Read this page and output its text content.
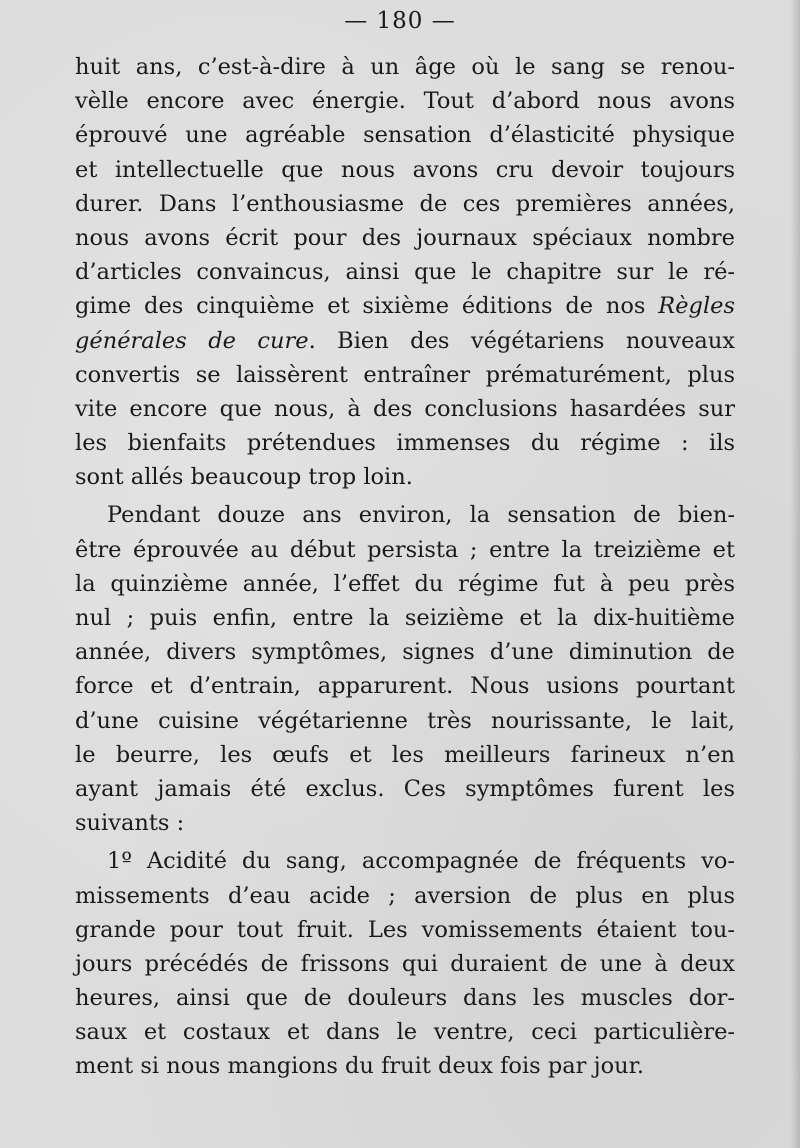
— 180 —
huit ans, c’est-à-dire à un âge où le sang se renou-
vèlle encore avec énergie. Tout d’abord nous avons
éprouvé une agréable sensation d’élasticité physique
et intellectuelle que nous avons cru devoir toujours
durer. Dans l’enthousiasme de ces premières années,
nous avons écrit pour des journaux spéciaux nombre
d’articles convaincus, ainsi que le chapitre sur le ré-
gime des cinquième et sixième éditions de nos Règles
générales de cure. Bien des végétariens nouveaux
convertis se laissèrent entraîner prématurément, plus
vite encore que nous, à des conclusions hasardées sur
les bienfaits prétendues immenses du régime : ils
sont allés beaucoup trop loin.
Pendant douze ans environ, la sensation de bien-
être éprouvée au début persista ; entre la treizième et
la quinzième année, l’effet du régime fut à peu près
nul ; puis enfin, entre la seizième et la dix-huitième
année, divers symptômes, signes d’une diminution de
force et d’entrain, apparurent. Nous usions pourtant
d’une cuisine végétarienne très nourissante, le lait,
le beurre, les œufs et les meilleurs farineux n’en
ayant jamais été exclus. Ces symptômes furent les
suivants :
1º Acidité du sang, accompagnée de fréquents vo-
missements d’eau acide ; aversion de plus en plus
grande pour tout fruit. Les vomissements étaient tou-
jours précédés de frissons qui duraient de une à deux
heures, ainsi que de douleurs dans les muscles dor-
saux et costaux et dans le ventre, ceci particulière-
ment si nous mangions du fruit deux fois par jour.
